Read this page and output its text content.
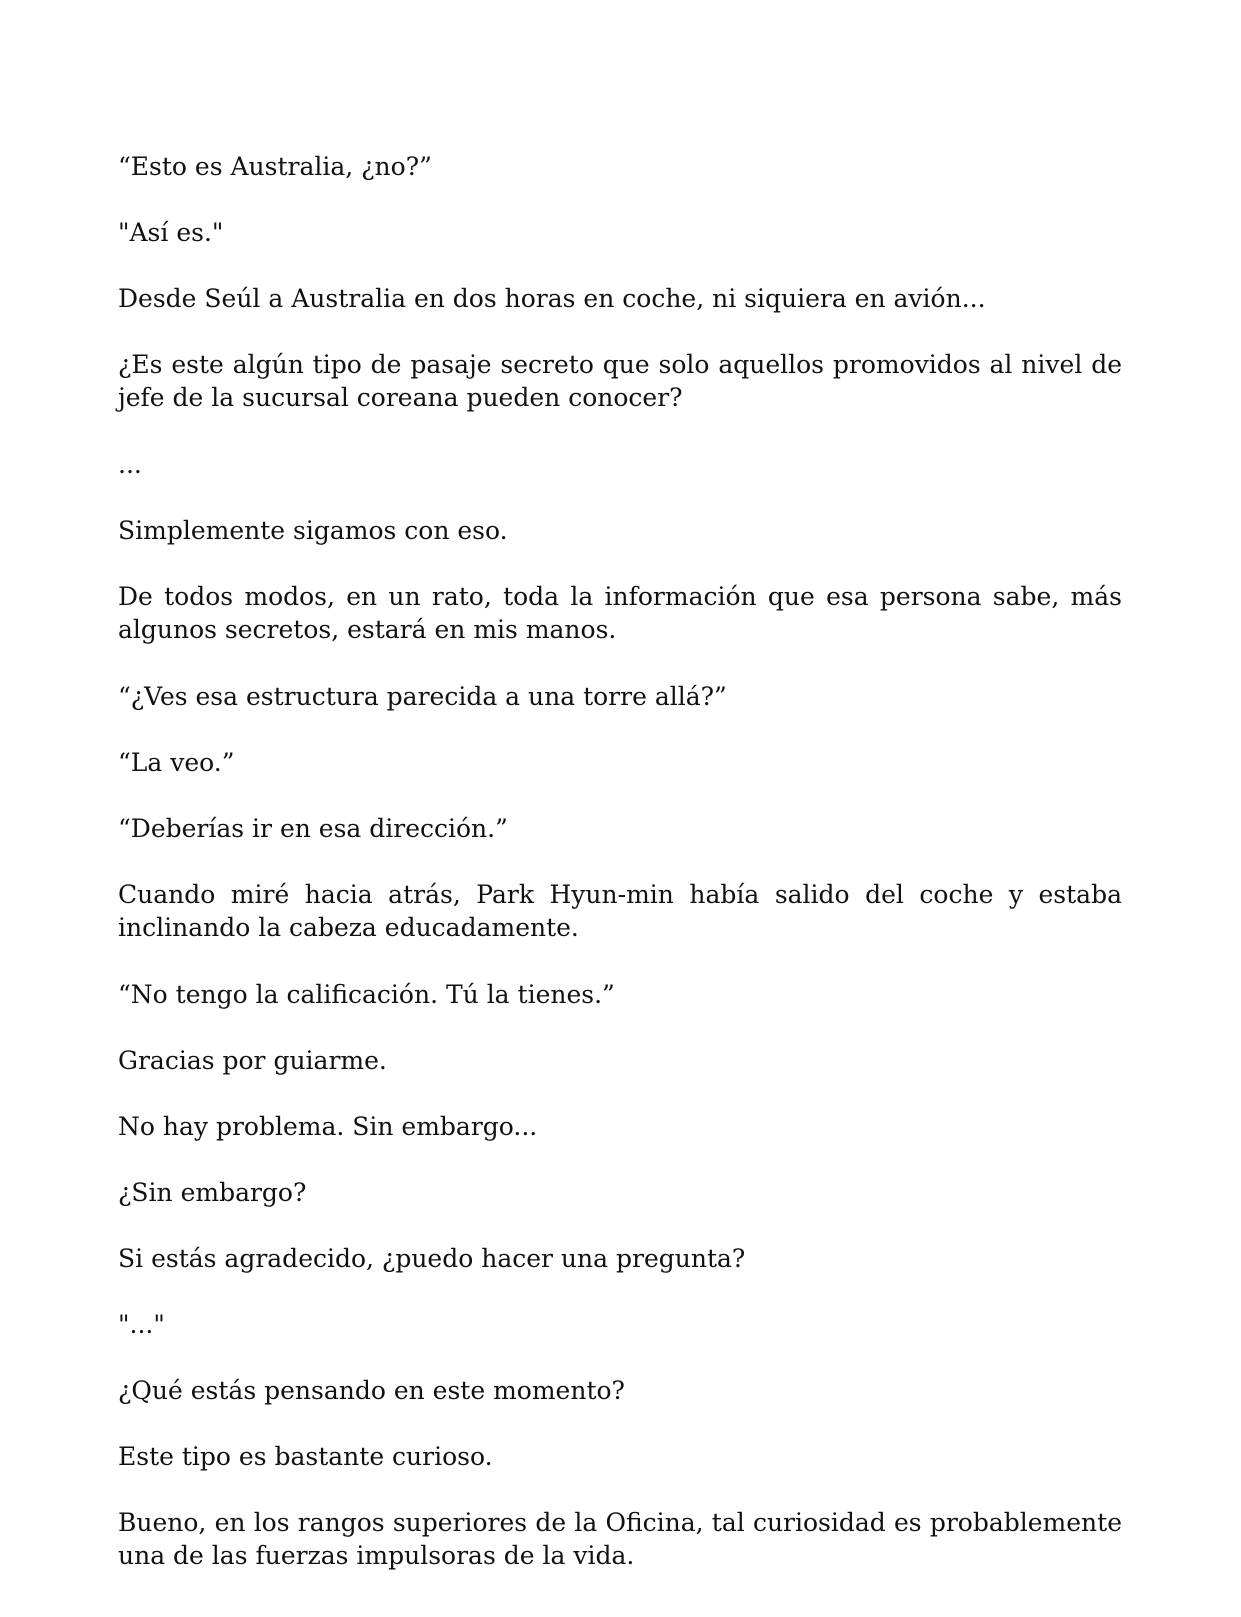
“Esto es Australia, ¿no?”

"Así es."

Desde Seúl a Australia en dos horas en coche, ni siquiera en avión...

¿Es este algún tipo de pasaje secreto que solo aquellos promovidos al nivel de jefe de la sucursal coreana pueden conocer?

...

Simplemente sigamos con eso.

De todos modos, en un rato, toda la información que esa persona sabe, más algunos secretos, estará en mis manos.

“¿Ves esa estructura parecida a una torre allá?”

“La veo.”

“Deberías ir en esa dirección.”

Cuando miré hacia atrás, Park Hyun-min había salido del coche y estaba inclinando la cabeza educadamente.

“No tengo la calificación. Tú la tienes.”

Gracias por guiarme.

No hay problema. Sin embargo...

¿Sin embargo?

Si estás agradecido, ¿puedo hacer una pregunta?

"..."

¿Qué estás pensando en este momento?

Este tipo es bastante curioso.

Bueno, en los rangos superiores de la Oficina, tal curiosidad es probablemente una de las fuerzas impulsoras de la vida.
